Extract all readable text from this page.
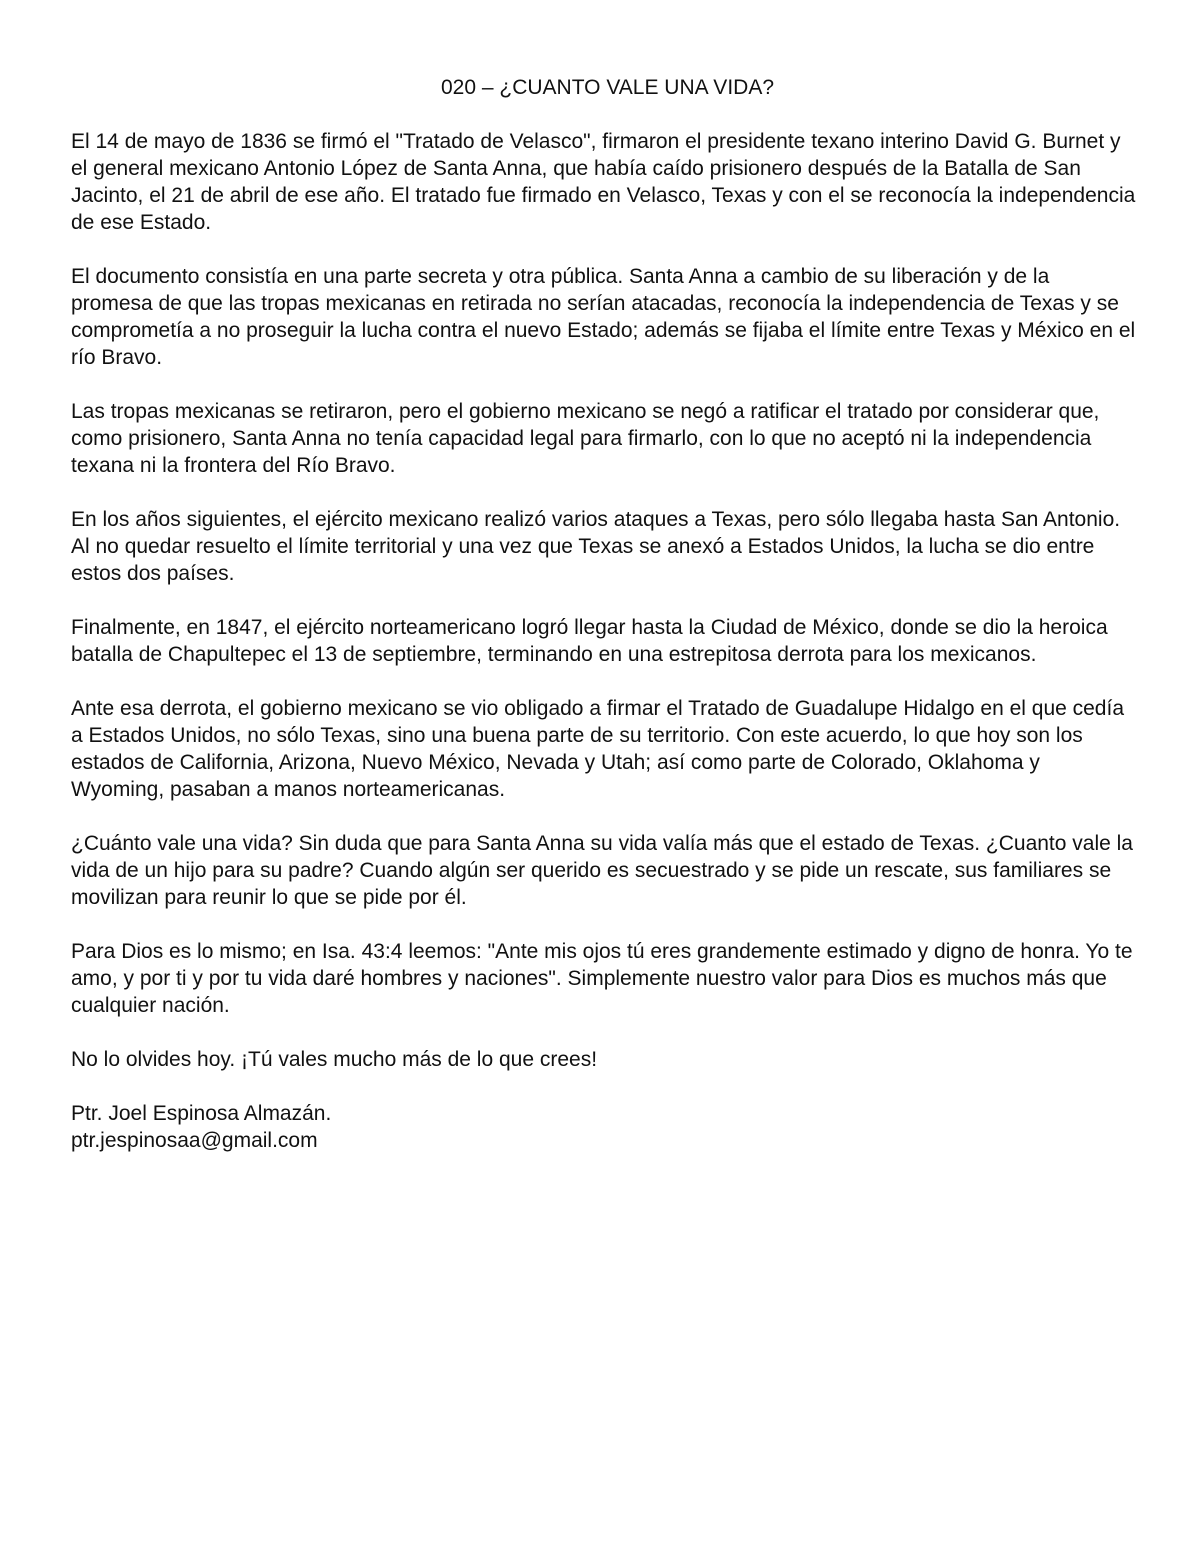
020 – ¿CUANTO VALE UNA VIDA?

El 14 de mayo de 1836 se firmó el "Tratado de Velasco", firmaron el presidente texano interino David G. Burnet y el general mexicano Antonio López de Santa Anna, que había caído prisionero después de la Batalla de San Jacinto, el 21 de abril de ese año. El tratado fue firmado en Velasco, Texas y con el se reconocía la independencia de ese Estado.

El documento consistía en una parte secreta y otra pública. Santa Anna a cambio de su liberación y de la promesa de que las tropas mexicanas en retirada no serían atacadas, reconocía la independencia de Texas y se comprometía a no proseguir la lucha contra el nuevo Estado; además se fijaba el límite entre Texas y México en el río Bravo.

Las tropas mexicanas se retiraron, pero el gobierno mexicano se negó a ratificar el tratado por considerar que, como prisionero, Santa Anna no tenía capacidad legal para firmarlo, con lo que no aceptó ni la independencia texana ni la frontera del Río Bravo.

En los años siguientes, el ejército mexicano realizó varios ataques a Texas, pero sólo llegaba hasta San Antonio. Al no quedar resuelto el límite territorial y una vez que Texas se anexó a Estados Unidos, la lucha se dio entre estos dos países.

Finalmente, en 1847, el ejército norteamericano logró llegar hasta la Ciudad de México, donde se dio la heroica batalla de Chapultepec el 13 de septiembre, terminando en una estrepitosa derrota para los mexicanos.

Ante esa derrota, el gobierno mexicano se vio obligado a firmar el Tratado de Guadalupe Hidalgo en el que cedía a Estados Unidos, no sólo Texas, sino una buena parte de su territorio. Con este acuerdo, lo que hoy son los estados de California, Arizona, Nuevo México, Nevada y Utah; así como parte de Colorado, Oklahoma y Wyoming, pasaban a manos norteamericanas.

¿Cuánto vale una vida? Sin duda que para Santa Anna su vida valía más que el estado de Texas. ¿Cuanto vale la vida de un hijo para su padre? Cuando algún ser querido es secuestrado y se pide un rescate, sus familiares se movilizan para reunir lo que se pide por él.

Para Dios es lo mismo; en Isa. 43:4 leemos: "Ante mis ojos tú eres grandemente estimado y digno de honra. Yo te amo, y por ti y por tu vida daré hombres y naciones". Simplemente nuestro valor para Dios es muchos más que cualquier nación.

No lo olvides hoy. ¡Tú vales mucho más de lo que crees!

Ptr. Joel Espinosa Almazán.
ptr.jespinosaa@gmail.com
